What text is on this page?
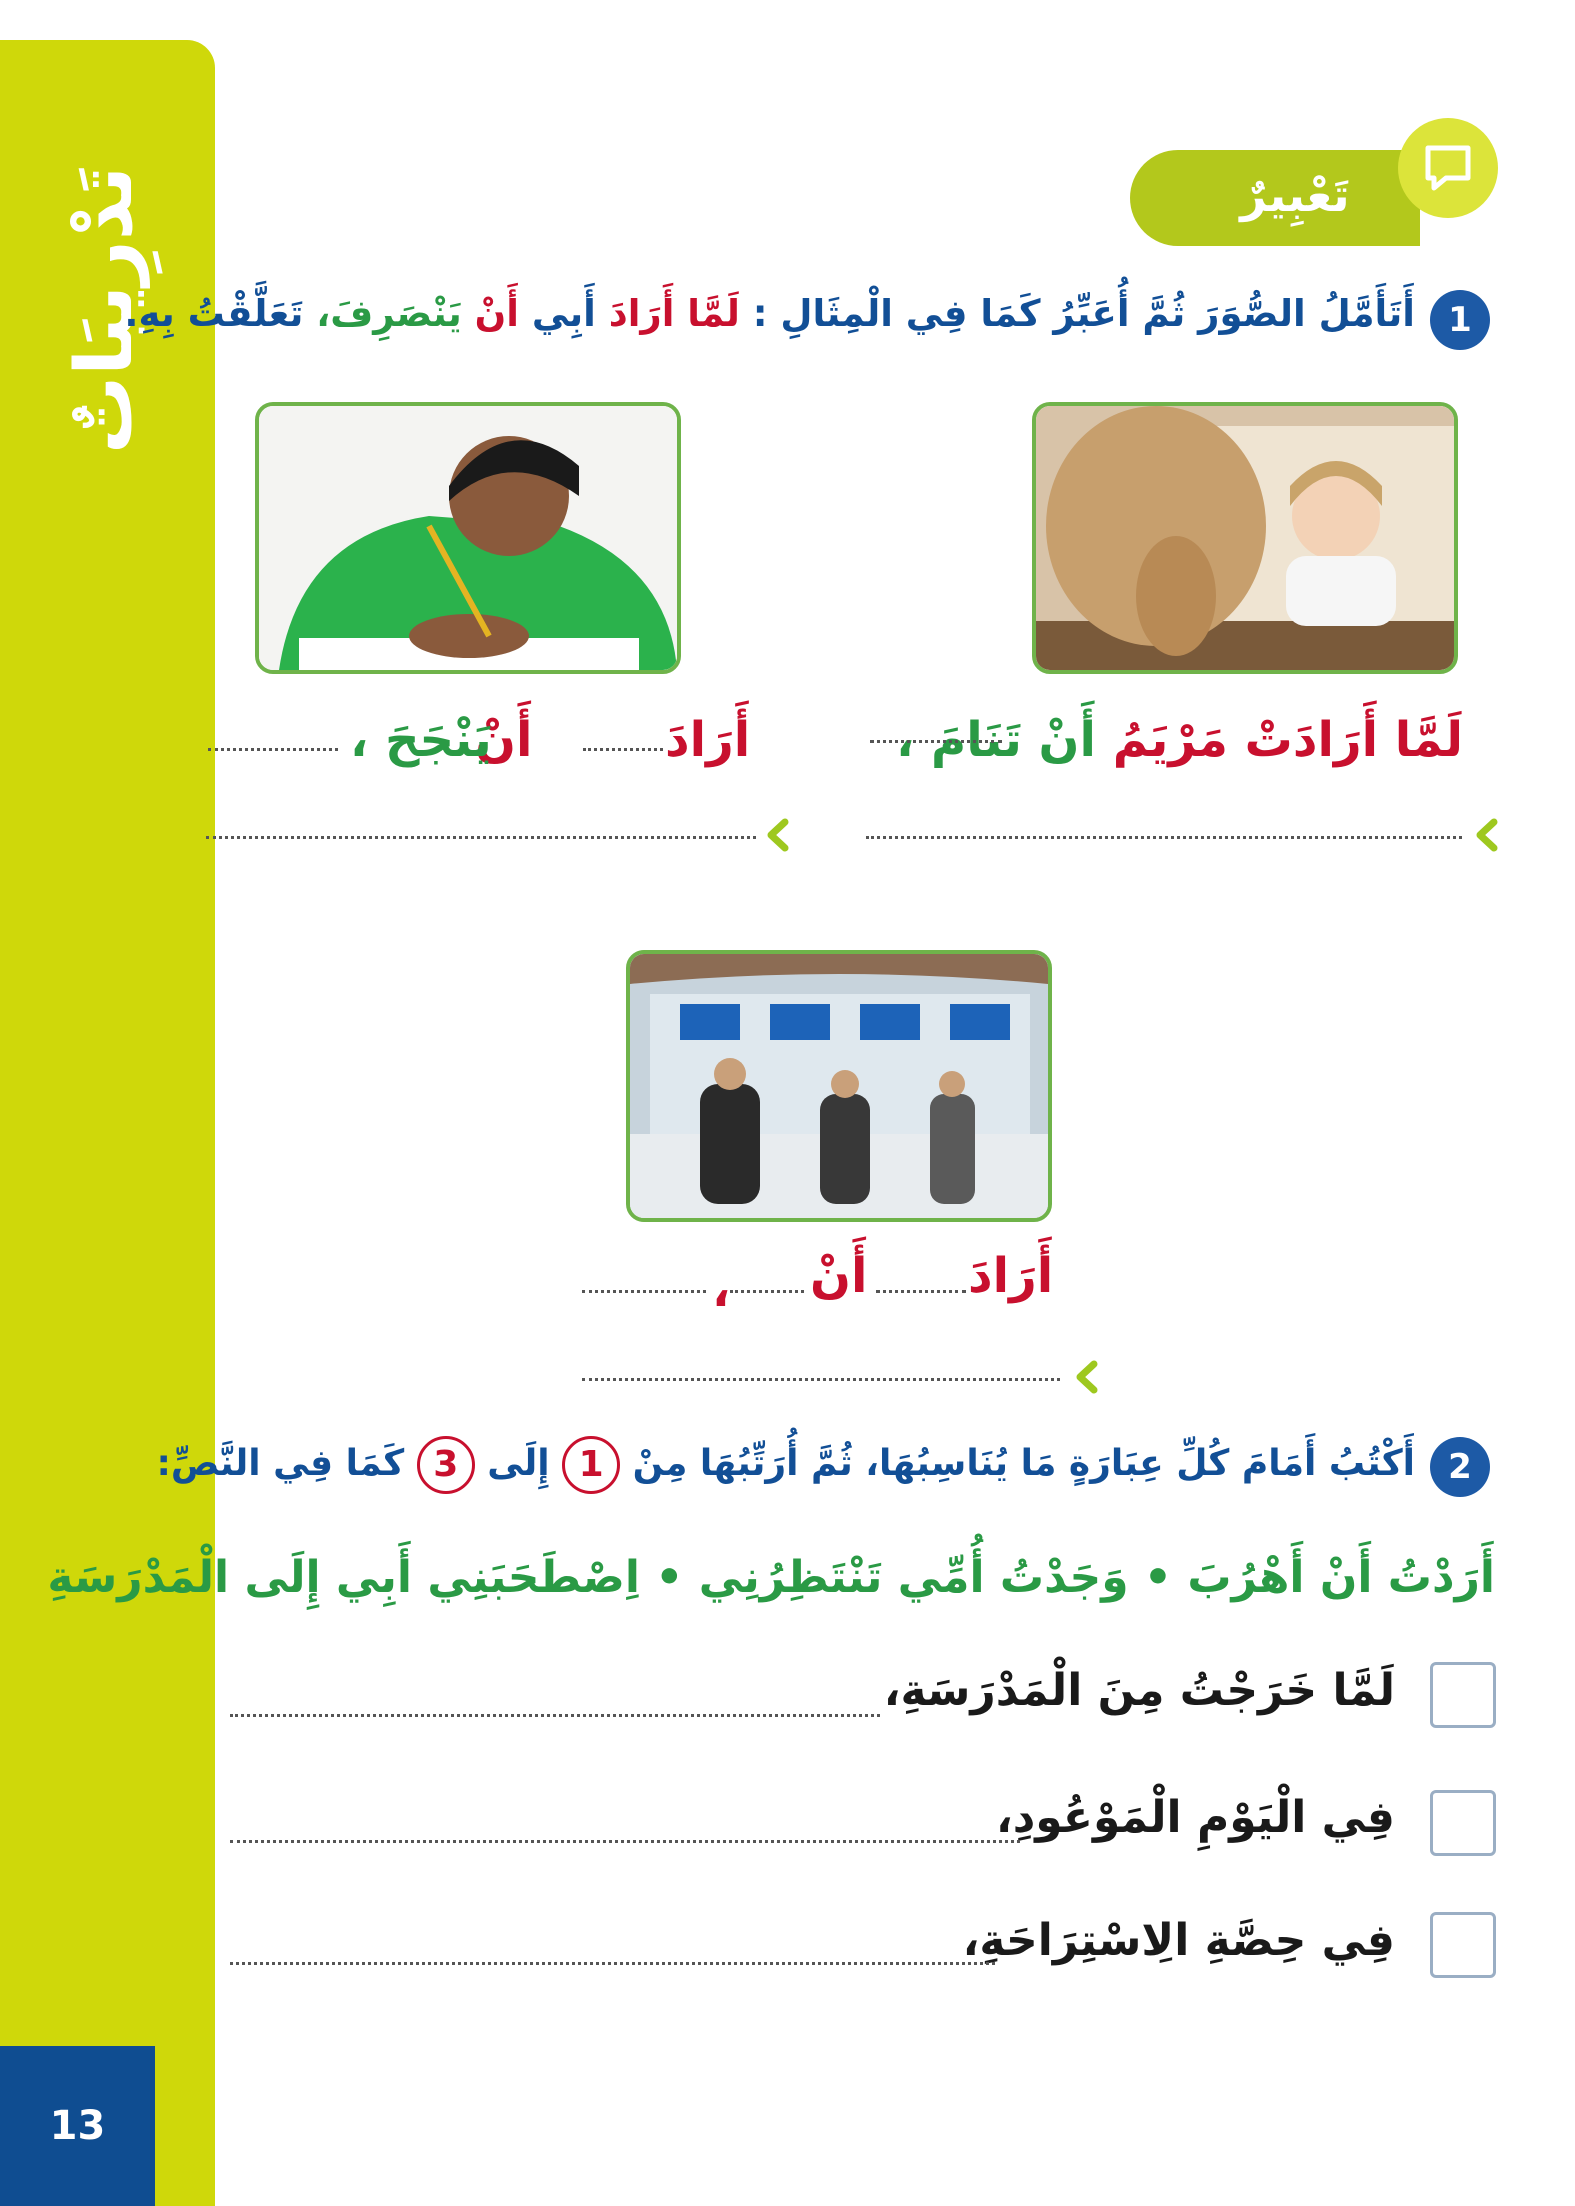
تَدْرِيبَاتٌ
13
تَعْبِيرٌ
1
أَتَأَمَّلُ الصُّوَرَ ثُمَّ أُعَبِّرُ كَمَا فِي الْمِثَالِ : لَمَّا أَرَادَ أَبِي أَنْ يَنْصَرِفَ، تَعَلَّقْتُ بِهِ.
لَمَّا أَرَادَتْ مَرْيَمُ أَنْ تَنَامَ ،
أَرَادَ
أَنْ
يَنْجَحَ ،
أَرَادَ
أَنْ
،
2
أَكْتُبُ أَمَامَ كُلِّ عِبَارَةٍ مَا يُنَاسِبُهَا، ثُمَّ أُرَتِّبُهَا مِنْ 1 إِلَى 3 كَمَا فِي النَّصِّ:
أَرَدْتُ أَنْ أَهْرُبَ • وَجَدْتُ أُمِّي تَنْتَظِرُنِي • اِصْطَحَبَنِي أَبِي إِلَى الْمَدْرَسَةِ
لَمَّا خَرَجْتُ مِنَ الْمَدْرَسَةِ،
فِي الْيَوْمِ الْمَوْعُودِ،
فِي حِصَّةِ الِاسْتِرَاحَةِ،
